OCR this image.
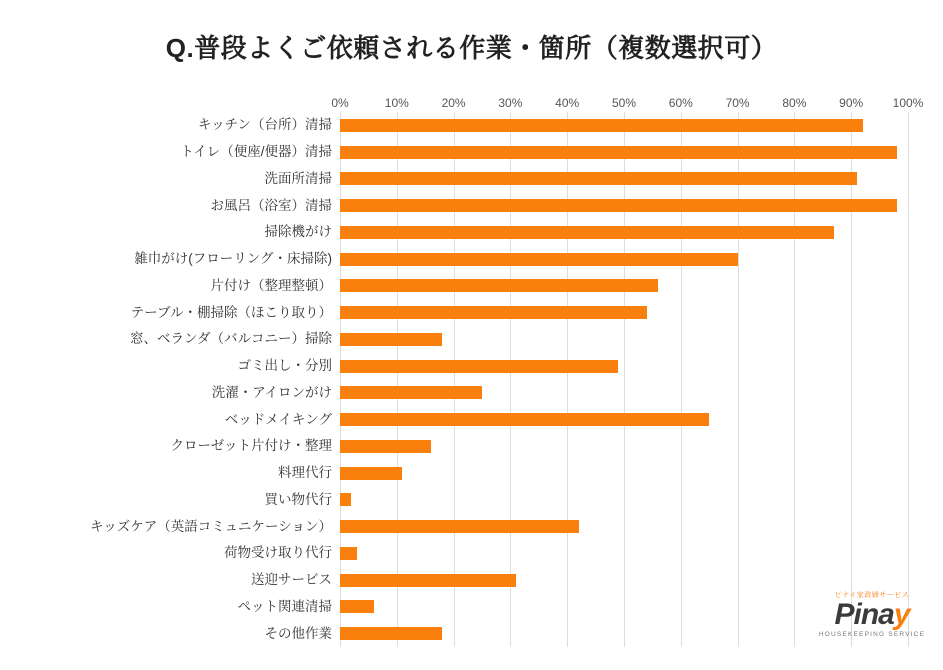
Q.普段よくご依頼される作業・箇所（複数選択可）
0%	10%	20%	30%	40%	50%	60%	70%	80%	90% 100%
キッチン（台所）清掃
トイレ（便座/便器）清掃
洗面所清掃
お風呂（浴室）清掃
掃除機がけ
雑巾がけ(フローリング・床掃除)
片付け（整理整頓）
テーブル・棚掃除（ほこり取り）
窓、ベランダ（バルコニー）掃除
ゴミ出し・分別
洗濯・アイロンがけ
ベッドメイキング
クローゼット片付け・整理
料理代行
買い物代行
キッズケア（英語コミュニケーション）
荷物受け取り代行
送迎サービス
ペット関連清掃
その他作業
ピナイ家政婦サービス
Pinay
HOUSEKEEPING SERVICE
